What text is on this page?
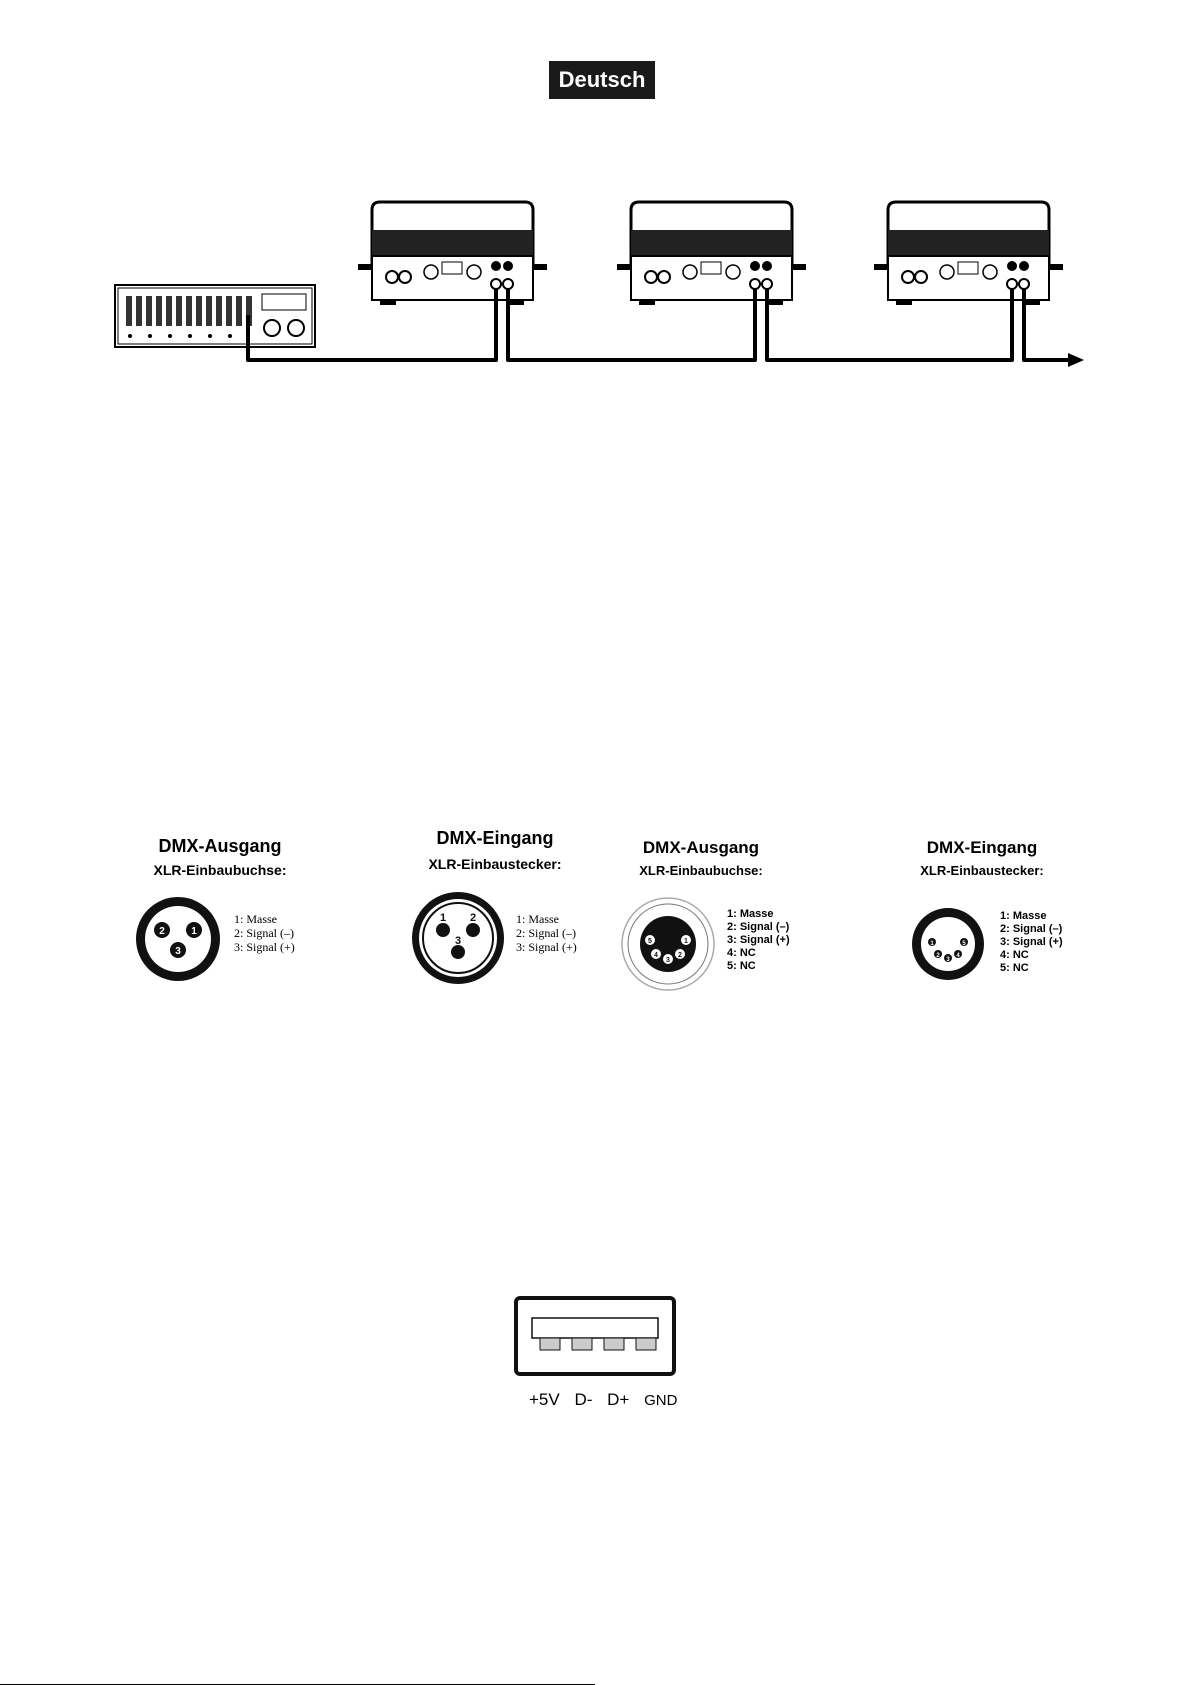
Deutsch
DMX-Ausgang
XLR-Einbaubuchse:
2	1
3
1: Masse
2: Signal (–)
3: Signal (+)
DMX-Eingang
XLR-Einbaustecker:
1 2
3
1: Masse
2: Signal (–)
3: Signal (+)
DMX-Ausgang
XLR-Einbaubuchse:
5
4
3
2
1
1: Masse
2: Signal (–)
3: Signal (+)
4: NC
5: NC
DMX-Eingang
XLR-Einbaustecker:
1
2
3
4
5
1: Masse
2: Signal (–)
3: Signal (+)
4: NC
5: NC
+5V D- D+ GND
